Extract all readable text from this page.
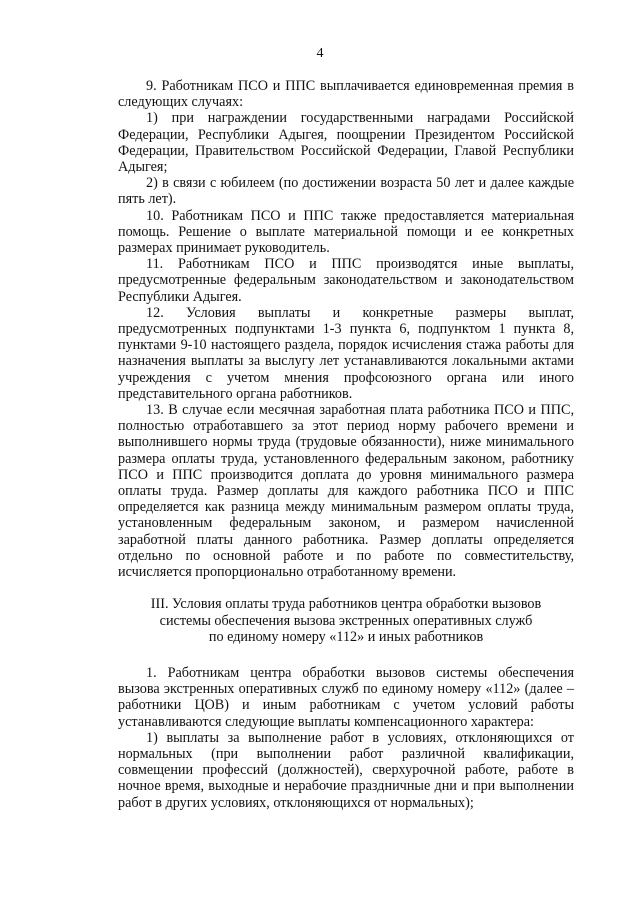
4

9. Работникам ПСО и ППС выплачивается единовременная премия в следующих случаях:

1) при награждении государственными наградами Российской Федерации, Республики Адыгея, поощрении Президентом Российской Федерации, Правительством Российской Федерации, Главой Республики Адыгея;

2) в связи с юбилеем (по достижении возраста 50 лет и далее каждые пять лет).

10. Работникам ПСО и ППС также предоставляется материальная помощь. Решение о выплате материальной помощи и ее конкретных размерах принимает руководитель.

11. Работникам ПСО и ППС производятся иные выплаты, предусмотренные федеральным законодательством и законодательством Республики Адыгея.

12. Условия выплаты и конкретные размеры выплат, предусмотренных подпунктами 1-3 пункта 6, подпунктом 1 пункта 8, пунктами 9-10 настоящего раздела, порядок исчисления стажа работы для назначения выплаты за выслугу лет устанавливаются локальными актами учреждения с учетом мнения профсоюзного органа или иного представительного органа работников.

13. В случае если месячная заработная плата работника ПСО и ППС, полностью отработавшего за этот период норму рабочего времени и выполнившего нормы труда (трудовые обязанности), ниже минимального размера оплаты труда, установленного федеральным законом, работнику ПСО и ППС производится доплата до уровня минимального размера оплаты труда. Размер доплаты для каждого работника ПСО и ППС определяется как разница между минимальным размером оплаты труда, установленным федеральным законом, и размером начисленной заработной платы данного работника. Размер доплаты определяется отдельно по основной работе и по работе по совместительству, исчисляется пропорционально отработанному времени.

III. Условия оплаты труда работников центра обработки вызовов
системы обеспечения вызова экстренных оперативных служб
по единому номеру «112» и иных работников

1. Работникам центра обработки вызовов системы обеспечения вызова экстренных оперативных служб по единому номеру «112» (далее – работники ЦОВ) и иным работникам с учетом условий работы устанавливаются следующие выплаты компенсационного характера:

1) выплаты за выполнение работ в условиях, отклоняющихся от нормальных (при выполнении работ различной квалификации, совмещении профессий (должностей), сверхурочной работе, работе в ночное время, выходные и нерабочие праздничные дни и при выполнении работ в других условиях, отклоняющихся от нормальных);
